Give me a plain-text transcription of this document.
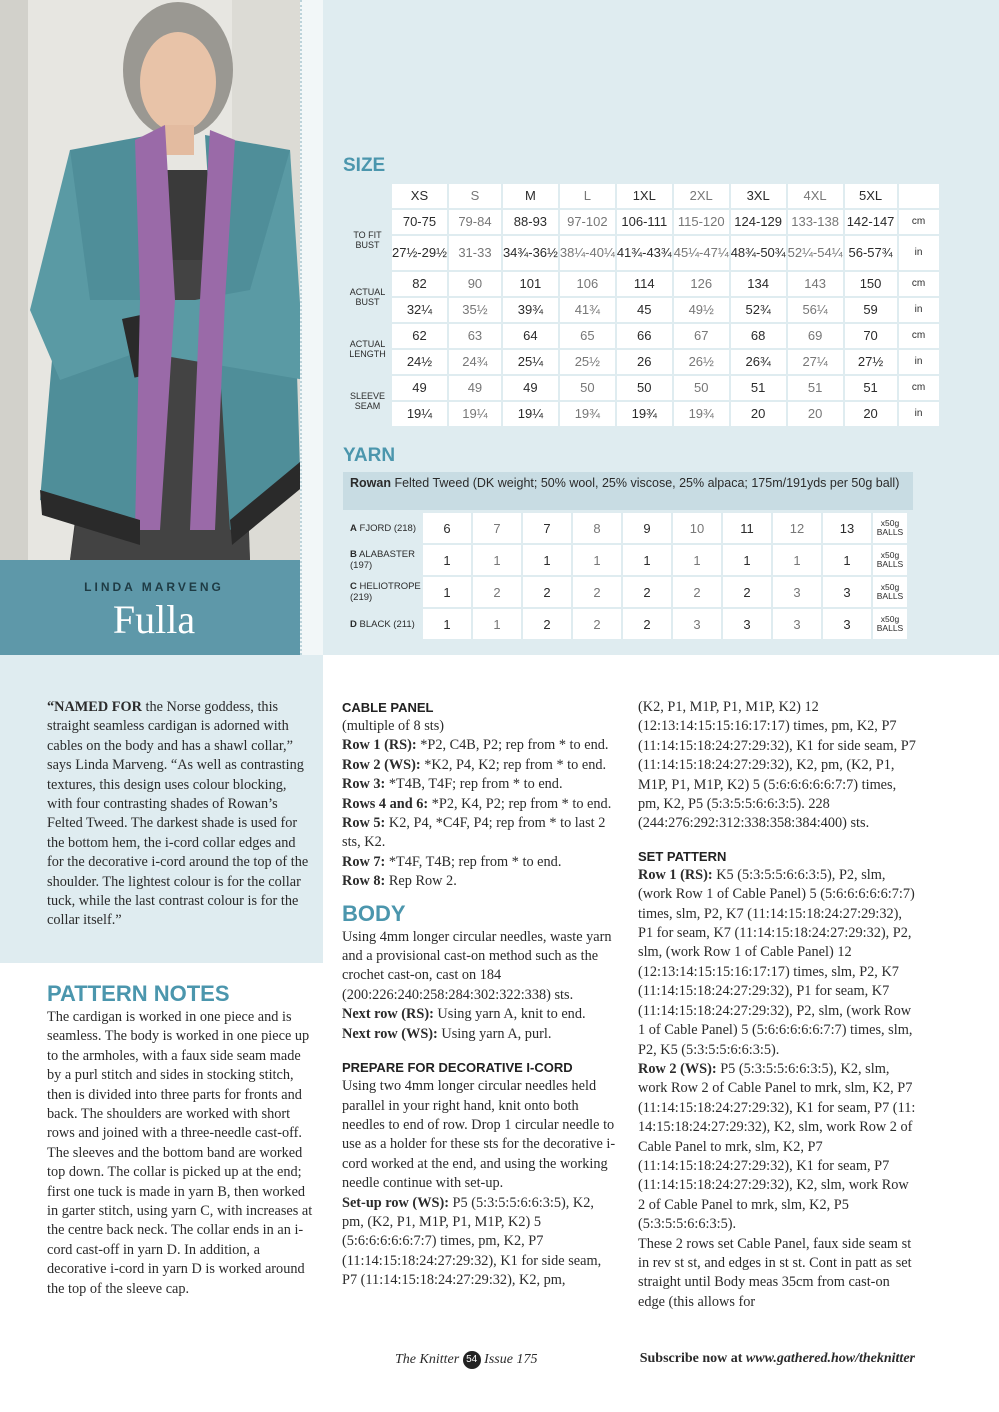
LINDA MARVENG
Fulla
SIZE
	XS	S	M	L	1XL	2XL	3XL	4XL	5XL	
TO FIT BUST	70-75	79-84	88-93	97-102	106-111	115-120	124-129	133-138	142-147	cm
	27½-29½	31-33	34¾-36½	38¼-40¼	41¾-43¾	45¼-47¼	48¾-50¾	52¼-54¼	56-57¾	in
ACTUAL BUST	82	90	101	106	114	126	134	143	150	cm
	32¼	35½	39¾	41¾	45	49½	52¾	56¼	59	in
ACTUAL LENGTH	62	63	64	65	66	67	68	69	70	cm
	24½	24¾	25¼	25½	26	26½	26¾	27¼	27½	in
SLEEVE SEAM	49	49	49	50	50	50	51	51	51	cm
	19¼	19¼	19¼	19¾	19¾	19¾	20	20	20	in
YARN
Rowan Felted Tweed (DK weight; 50% wool, 25% viscose, 25% alpaca; 175m/191yds per 50g ball)
A FJORD (218)	6	7	7	8	9	10	11	12	13	x50g BALLS
B ALABASTER (197)	1	1	1	1	1	1	1	1	1	x50g BALLS
C HELIOTROPE (219)	1	2	2	2	2	2	2	3	3	x50g BALLS
D BLACK (211)	1	1	2	2	2	3	3	3	3	x50g BALLS

“NAMED FOR the Norse goddess, this straight seamless cardigan is adorned with cables on the body and has a shawl collar,” says Linda Marveng. “As well as contrasting textures, this design uses colour blocking, with four contrasting shades of Rowan’s Felted Tweed. The darkest shade is used for the bottom hem, the i-cord collar edges and for the decorative i-cord around the top of the shoulder. The lightest colour is for the collar tuck, while the last contrast colour is for the collar itself.”

PATTERN NOTES

The cardigan is worked in one piece and is seamless. The body is worked in one piece up to the armholes, with a faux side seam made by a purl stitch and sides in stocking stitch, then is divided into three parts for fronts and back. The shoulders are worked with short rows and joined with a three-needle cast-off. The sleeves and the bottom band are worked top down. The collar is picked up at the end; first one tuck is made in yarn B, then worked in garter stitch, using yarn C, with increases at the centre back neck. The collar ends in an i-cord cast-off in yarn D. In addition, a decorative i-cord in yarn D is worked around the top of the sleeve cap.

CABLE PANEL

(multiple of 8 sts)

Row 1 (RS): *P2, C4B, P2; rep from * to end.

Row 2 (WS): *K2, P4, K2; rep from * to end.

Row 3: *T4B, T4F; rep from * to end.

Rows 4 and 6: *P2, K4, P2; rep from * to end.

Row 5: K2, P4, *C4F, P4; rep from * to last 2 sts, K2.

Row 7: *T4F, T4B; rep from * to end.

Row 8: Rep Row 2.

BODY

Using 4mm longer circular needles, waste yarn and a provisional cast-on method such as the crochet cast-on, cast on 184 (200:226:240:258:284:302:322:338) sts.

Next row (RS): Using yarn A, knit to end.

Next row (WS): Using yarn A, purl.

PREPARE FOR DECORATIVE I-CORD

Using two 4mm longer circular needles held parallel in your right hand, knit onto both needles to end of row. Drop 1 circular needle to use as a holder for these sts for the decorative i-cord worked at the end, and using the working needle continue with set-up.

Set-up row (WS): P5 (5:3:5:5:6:6:3:5), K2, pm, (K2, P1, M1P, P1, M1P, K2) 5 (5:6:6:6:6:6:7:7) times, pm, K2, P7 (11:14:15:18:24:27:29:32), K1 for side seam, P7 (11:14:15:18:24:27:29:32), K2, pm,

(K2, P1, M1P, P1, M1P, K2) 12 (12:13:14:15:15:16:17:17) times, pm, K2, P7 (11:14:15:18:24:27:29:32), K1 for side seam, P7 (11:14:15:18:24:27:29:32), K2, pm, (K2, P1, M1P, P1, M1P, K2) 5 (5:6:6:6:6:6:7:7) times, pm, K2, P5 (5:3:5:5:6:6:3:5). 228 (244:276:292:312:338:358:384:400) sts.

SET PATTERN

Row 1 (RS): K5 (5:3:5:5:6:6:3:5), P2, slm, (work Row 1 of Cable Panel) 5 (5:6:6:6:6:6:7:7) times, slm, P2, K7 (11:14:15:18:24:27:29:32), P1 for seam, K7 (11:14:15:18:24:27:29:32), P2, slm, (work Row 1 of Cable Panel) 12 (12:13:14:15:15:16:17:17) times, slm, P2, K7 (11:14:15:18:24:27:29:32), P1 for seam, K7 (11:14:15:18:24:27:29:32), P2, slm, (work Row 1 of Cable Panel) 5 (5:6:6:6:6:6:7:7) times, slm, P2, K5 (5:3:5:5:6:6:3:5).

Row 2 (WS): P5 (5:3:5:5:6:6:3:5), K2, slm, work Row 2 of Cable Panel to mrk, slm, K2, P7 (11:14:15:18:24:27:29:32), K1 for seam, P7 (11: 14:15:18:24:27:29:32), K2, slm, work Row 2 of Cable Panel to mrk, slm, K2, P7 (11:14:15:18:24:27:29:32), K1 for seam, P7 (11:14:15:18:24:27:29:32), K2, slm, work Row 2 of Cable Panel to mrk, slm, K2, P5 (5:3:5:5:6:6:3:5).

These 2 rows set Cable Panel, faux side seam st in rev st st, and edges in st st. Cont in patt as set straight until Body meas 35cm from cast-on edge (this allows for

The Knitter 54 Issue 175	Subscribe now at www.gathered.how/theknitter
